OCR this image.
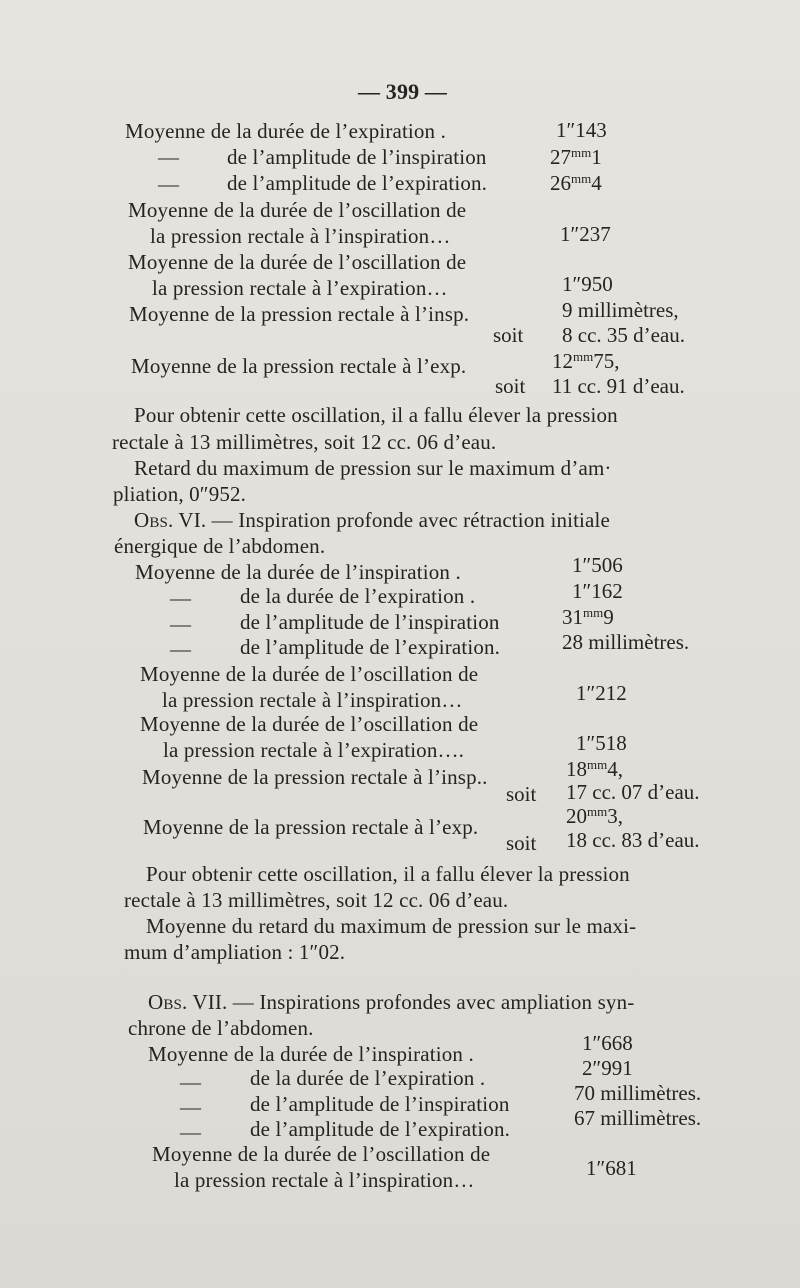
— 399 —

Moyenne de la durée de l’expiration .	1″143

— de l’amplitude de l’inspiration	$27^{mm}1$

— de l’amplitude de l’expiration.	$26^{mm}4$

Moyenne de la durée de l’oscillation de

la pression rectale à l’inspiration…	1″237

Moyenne de la durée de l’oscillation de

la pression rectale à l’expiration…	1″950

Moyenne de la pression rectale à l’insp.	9 millimètres,

soit 8 cc. 35 d’eau.

Moyenne de la pression rectale à l’exp.	$12^{mm}75$,

soit 11 cc. 91 d’eau.

Pour obtenir cette oscillation, il a fallu élever la pression

rectale à 13 millimètres, soit 12 cc. 06 d’eau.

Retard du maximum de pression sur le maximum d’am·

pliation, 0″952.

Obs. VI. — Inspiration profonde avec rétraction initiale

énergique de l’abdomen.

Moyenne de la durée de l’inspiration .	1″506

— de la durée de l’expiration .	1″162

— de l’amplitude de l’inspiration	$31^{mm}9$

— de l’amplitude de l’expiration.	28 millimètres.

Moyenne de la durée de l’oscillation de

la pression rectale à l’inspiration…	1″212

Moyenne de la durée de l’oscillation de

la pression rectale à l’expiration….	1″518

Moyenne de la pression rectale à l’insp..	$18^{mm}4$,

soit 17 cc. 07 d’eau.

Moyenne de la pression rectale à l’exp.	$20^{mm}3$,

soit 18 cc. 83 d’eau.

Pour obtenir cette oscillation, il a fallu élever la pression

rectale à 13 millimètres, soit 12 cc. 06 d’eau.

Moyenne du retard du maximum de pression sur le maxi-

mum d’ampliation : 1″02.

Obs. VII. — Inspirations profondes avec ampliation syn-

chrone de l’abdomen.

Moyenne de la durée de l’inspiration .	1″668

— de la durée de l’expiration .	2″991

— de l’amplitude de l’inspiration	70 millimètres.

— de l’amplitude de l’expiration.	67 millimètres.

Moyenne de la durée de l’oscillation de

la pression rectale à l’inspiration…	1″681
